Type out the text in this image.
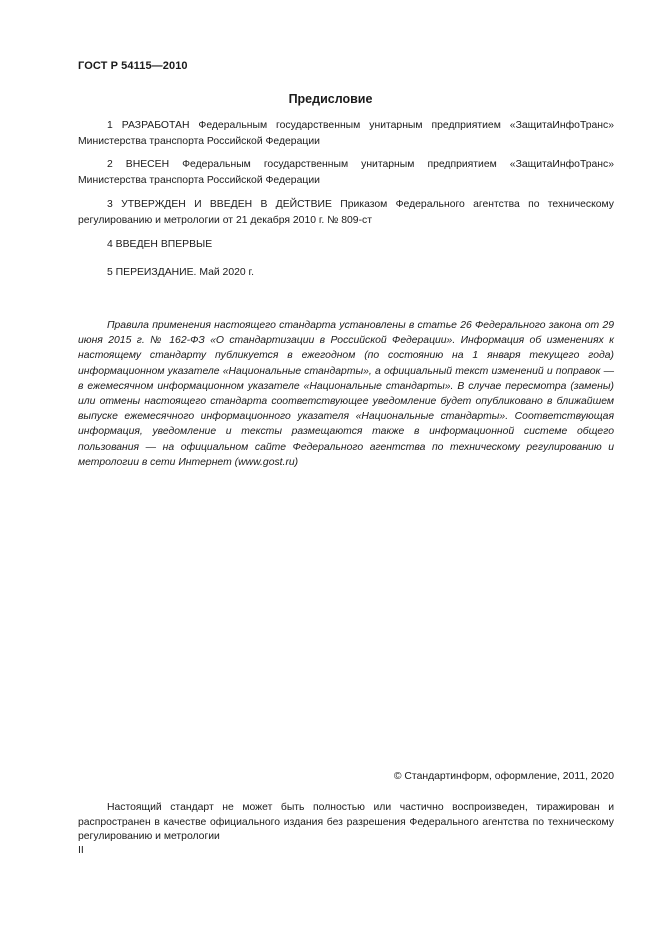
ГОСТ Р 54115—2010
Предисловие
1 РАЗРАБОТАН Федеральным государственным унитарным предприятием «ЗащитаИнфоТранс» Министерства транспорта Российской Федерации
2 ВНЕСЕН Федеральным государственным унитарным предприятием «ЗащитаИнфоТранс» Министерства транспорта Российской Федерации
3 УТВЕРЖДЕН И ВВЕДЕН В ДЕЙСТВИЕ Приказом Федерального агентства по техническому регулированию и метрологии от 21 декабря 2010 г. № 809-ст
4 ВВЕДЕН ВПЕРВЫЕ
5 ПЕРЕИЗДАНИЕ. Май 2020 г.
Правила применения настоящего стандарта установлены в статье 26 Федерального закона от 29 июня 2015 г. № 162-ФЗ «О стандартизации в Российской Федерации». Информация об изменениях к настоящему стандарту публикуется в ежегодном (по состоянию на 1 января текущего года) информационном указателе «Национальные стандарты», а официальный текст изменений и поправок — в ежемесячном информационном указателе «Национальные стандарты». В случае пересмотра (замены) или отмены настоящего стандарта соответствующее уведомление будет опубликовано в ближайшем выпуске ежемесячного информационного указателя «Национальные стандарты». Соответствующая информация, уведомление и тексты размещаются также в информационной системе общего пользования — на официальном сайте Федерального агентства по техническому регулированию и метрологии в сети Интернет (www.gost.ru)
© Стандартинформ, оформление, 2011, 2020
Настоящий стандарт не может быть полностью или частично воспроизведен, тиражирован и распространен в качестве официального издания без разрешения Федерального агентства по техническому регулированию и метрологии
II
